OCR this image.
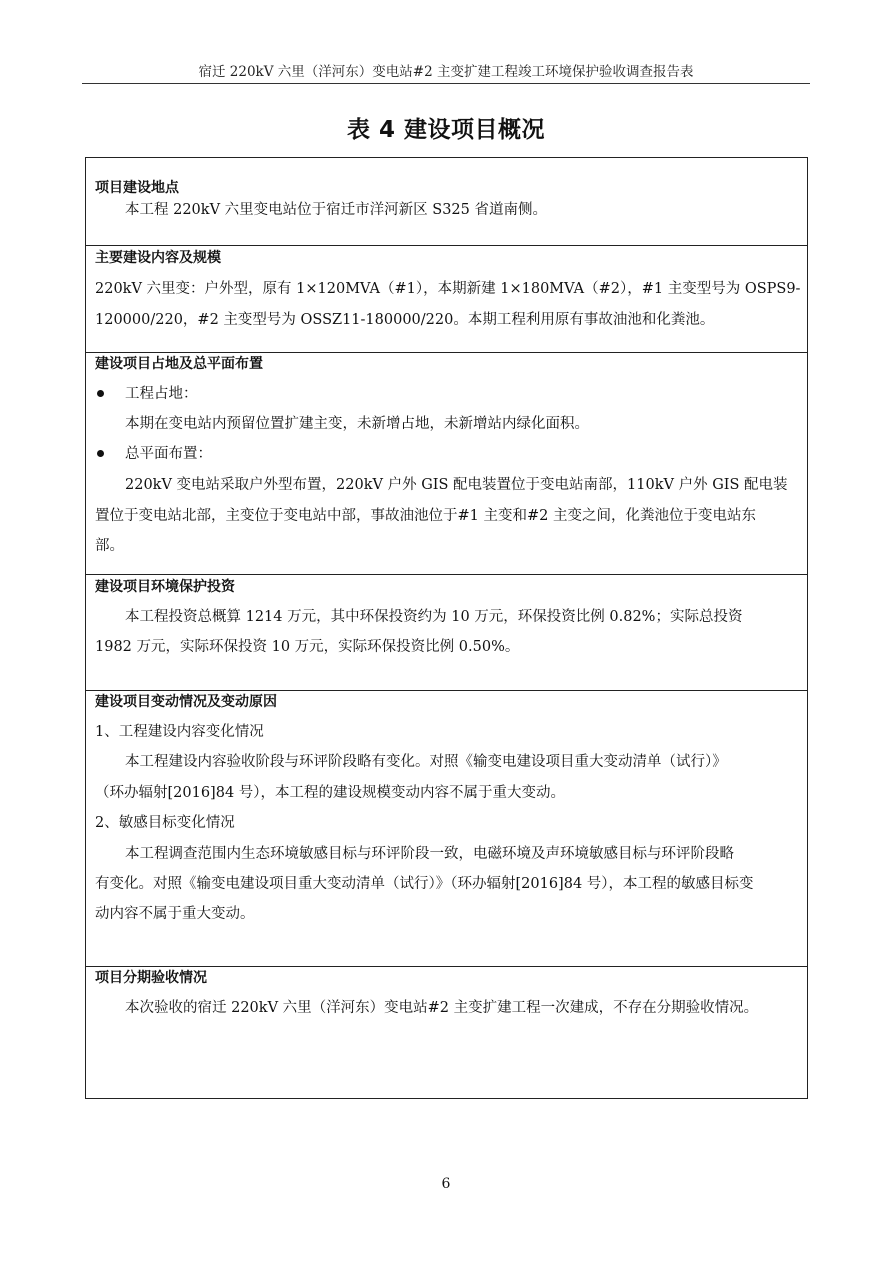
宿迁 220kV 六里（洋河东）变电站#2 主变扩建工程竣工环境保护验收调查报告表
表 4 建设项目概况
项目建设地点
本工程 220kV 六里变电站位于宿迁市洋河新区 S325 省道南侧。
主要建设内容及规模
220kV 六里变：户外型，原有 1×120MVA（#1），本期新建 1×180MVA（#2），#1 主变型号为 OSPS9-
120000/220，#2 主变型号为 OSSZ11-180000/220。本期工程利用原有事故油池和化粪池。
建设项目占地及总平面布置
工程占地：
本期在变电站内预留位置扩建主变，未新增占地，未新增站内绿化面积。
总平面布置：
220kV 变电站采取户外型布置，220kV 户外 GIS 配电装置位于变电站南部，110kV 户外 GIS 配电装
置位于变电站北部，主变位于变电站中部，事故油池位于#1 主变和#2 主变之间，化粪池位于变电站东
部。
建设项目环境保护投资
本工程投资总概算 1214 万元，其中环保投资约为 10 万元，环保投资比例 0.82%；实际总投资
1982 万元，实际环保投资 10 万元，实际环保投资比例 0.50%。
建设项目变动情况及变动原因
1、工程建设内容变化情况
本工程建设内容验收阶段与环评阶段略有变化。对照《输变电建设项目重大变动清单（试行）》
（环办辐射[2016]84 号），本工程的建设规模变动内容不属于重大变动。
2、敏感目标变化情况
本工程调查范围内生态环境敏感目标与环评阶段一致，电磁环境及声环境敏感目标与环评阶段略
有变化。对照《输变电建设项目重大变动清单（试行）》（环办辐射[2016]84 号），本工程的敏感目标变
动内容不属于重大变动。
项目分期验收情况
本次验收的宿迁 220kV 六里（洋河东）变电站#2 主变扩建工程一次建成，不存在分期验收情况。
6
